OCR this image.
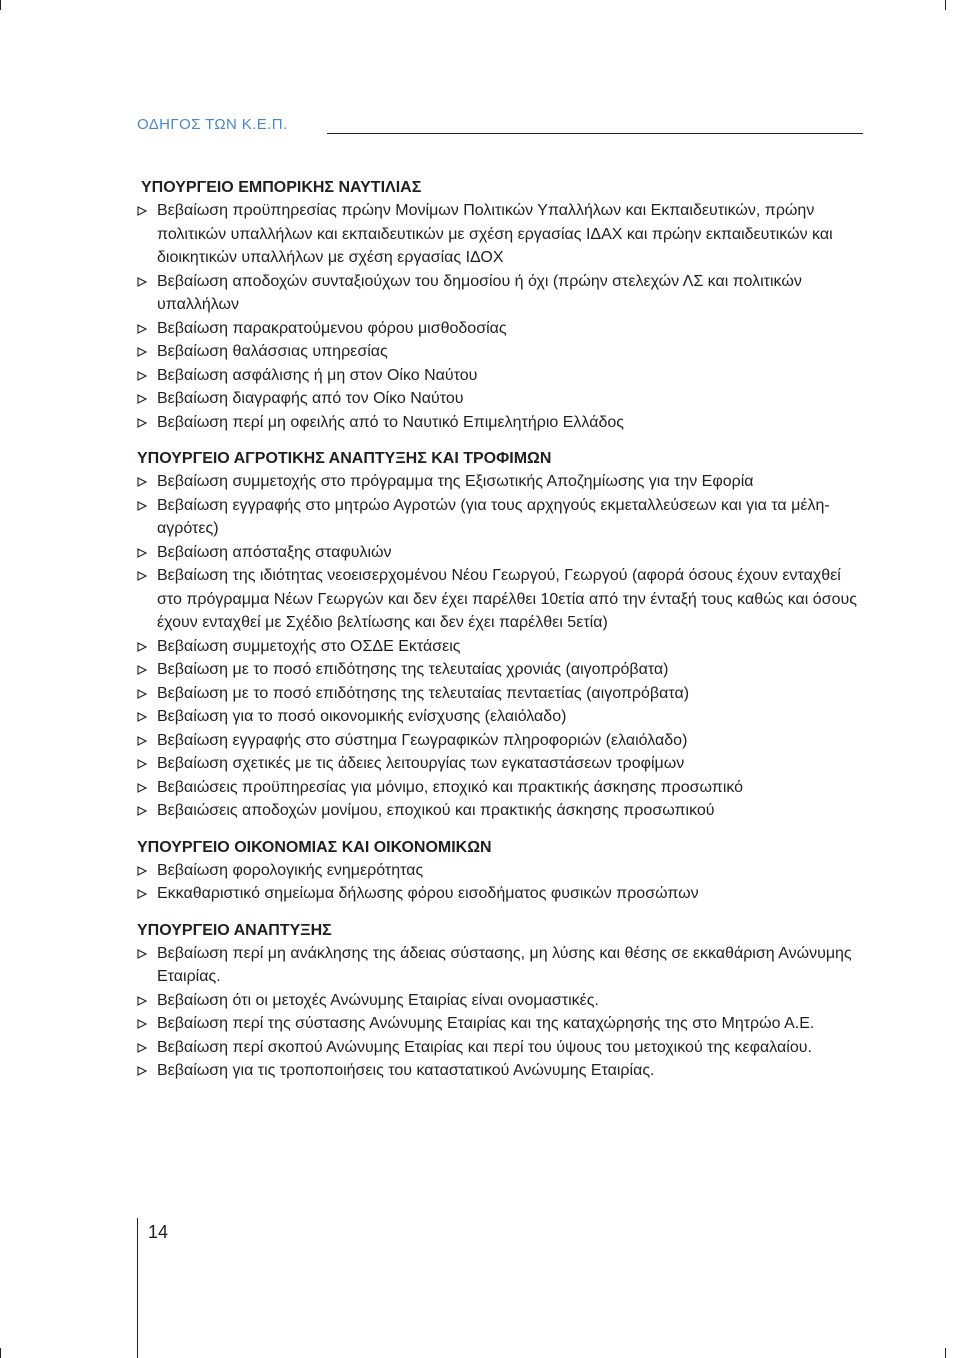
ΟΔΗΓΟΣ ΤΩΝ Κ.Ε.Π.
ΥΠΟΥΡΓΕΙΟ ΕΜΠΟΡΙΚΗΣ ΝΑΥΤΙΛΙΑΣ
Βεβαίωση προϋπηρεσίας πρώην Μονίμων Πολιτικών Υπαλλήλων και Εκπαιδευτικών, πρώην πολιτικών υπαλλήλων και εκπαιδευτικών με σχέση εργασίας ΙΔΑΧ και πρώην εκπαιδευτικών και διοικητικών υπαλλήλων με σχέση εργασίας ΙΔΟΧ
Βεβαίωση αποδοχών συνταξιούχων του δημοσίου ή όχι (πρώην στελεχών ΛΣ και πολιτικών υπαλλήλων
Βεβαίωση παρακρατούμενου φόρου μισθοδοσίας
Βεβαίωση θαλάσσιας υπηρεσίας
Βεβαίωση ασφάλισης ή μη στον Οίκο Ναύτου
Βεβαίωση διαγραφής από τον Οίκο Ναύτου
Βεβαίωση περί μη οφειλής από το Ναυτικό Επιμελητήριο Ελλάδος
ΥΠΟΥΡΓΕΙΟ ΑΓΡΟΤΙΚΗΣ ΑΝΑΠΤΥΞΗΣ ΚΑΙ ΤΡΟΦΙΜΩΝ
Βεβαίωση συμμετοχής στο πρόγραμμα της Εξισωτικής Αποζημίωσης για την Εφορία
Βεβαίωση εγγραφής στο μητρώο Αγροτών (για τους αρχηγούς εκμεταλλεύσεων και για τα μέλη-αγρότες)
Βεβαίωση απόσταξης σταφυλιών
Βεβαίωση της ιδιότητας νεοεισερχομένου Νέου Γεωργού, Γεωργού (αφορά όσους έχουν ενταχθεί στο πρόγραμμα Νέων Γεωργών και δεν έχει παρέλθει 10ετία από την ένταξή τους καθώς και όσους έχουν ενταχθεί με Σχέδιο βελτίωσης και δεν έχει παρέλθει 5ετία)
Βεβαίωση συμμετοχής στο ΟΣΔΕ Εκτάσεις
Βεβαίωση με το ποσό επιδότησης της τελευταίας χρονιάς (αιγοπρόβατα)
Βεβαίωση με το ποσό επιδότησης της τελευταίας πενταετίας (αιγοπρόβατα)
Βεβαίωση για το ποσό οικονομικής ενίσχυσης (ελαιόλαδο)
Βεβαίωση εγγραφής στο σύστημα Γεωγραφικών πληροφοριών (ελαιόλαδο)
Βεβαίωση σχετικές με τις άδειες λειτουργίας των εγκαταστάσεων τροφίμων
Βεβαιώσεις προϋπηρεσίας για μόνιμο, εποχικό και πρακτικής άσκησης προσωπικό
Βεβαιώσεις αποδοχών μονίμου, εποχικού και πρακτικής άσκησης προσωπικού
ΥΠΟΥΡΓΕΙΟ ΟΙΚΟΝΟΜΙΑΣ ΚΑΙ ΟΙΚΟΝΟΜΙΚΩΝ
Βεβαίωση φορολογικής ενημερότητας
Εκκαθαριστικό σημείωμα δήλωσης φόρου εισοδήματος φυσικών προσώπων
ΥΠΟΥΡΓΕΙΟ ΑΝΑΠΤΥΞΗΣ
Βεβαίωση περί μη ανάκλησης της άδειας σύστασης, μη λύσης και θέσης σε εκκαθάριση Ανώνυμης Εταιρίας.
Βεβαίωση ότι οι μετοχές Ανώνυμης Εταιρίας είναι ονομαστικές.
Βεβαίωση περί της σύστασης Ανώνυμης Εταιρίας και της καταχώρησής της στο Μητρώο Α.Ε.
Βεβαίωση περί σκοπού Ανώνυμης Εταιρίας και περί του ύψους του μετοχικού της κεφαλαίου.
Βεβαίωση για τις τροποποιήσεις του καταστατικού Ανώνυμης Εταιρίας.
14
